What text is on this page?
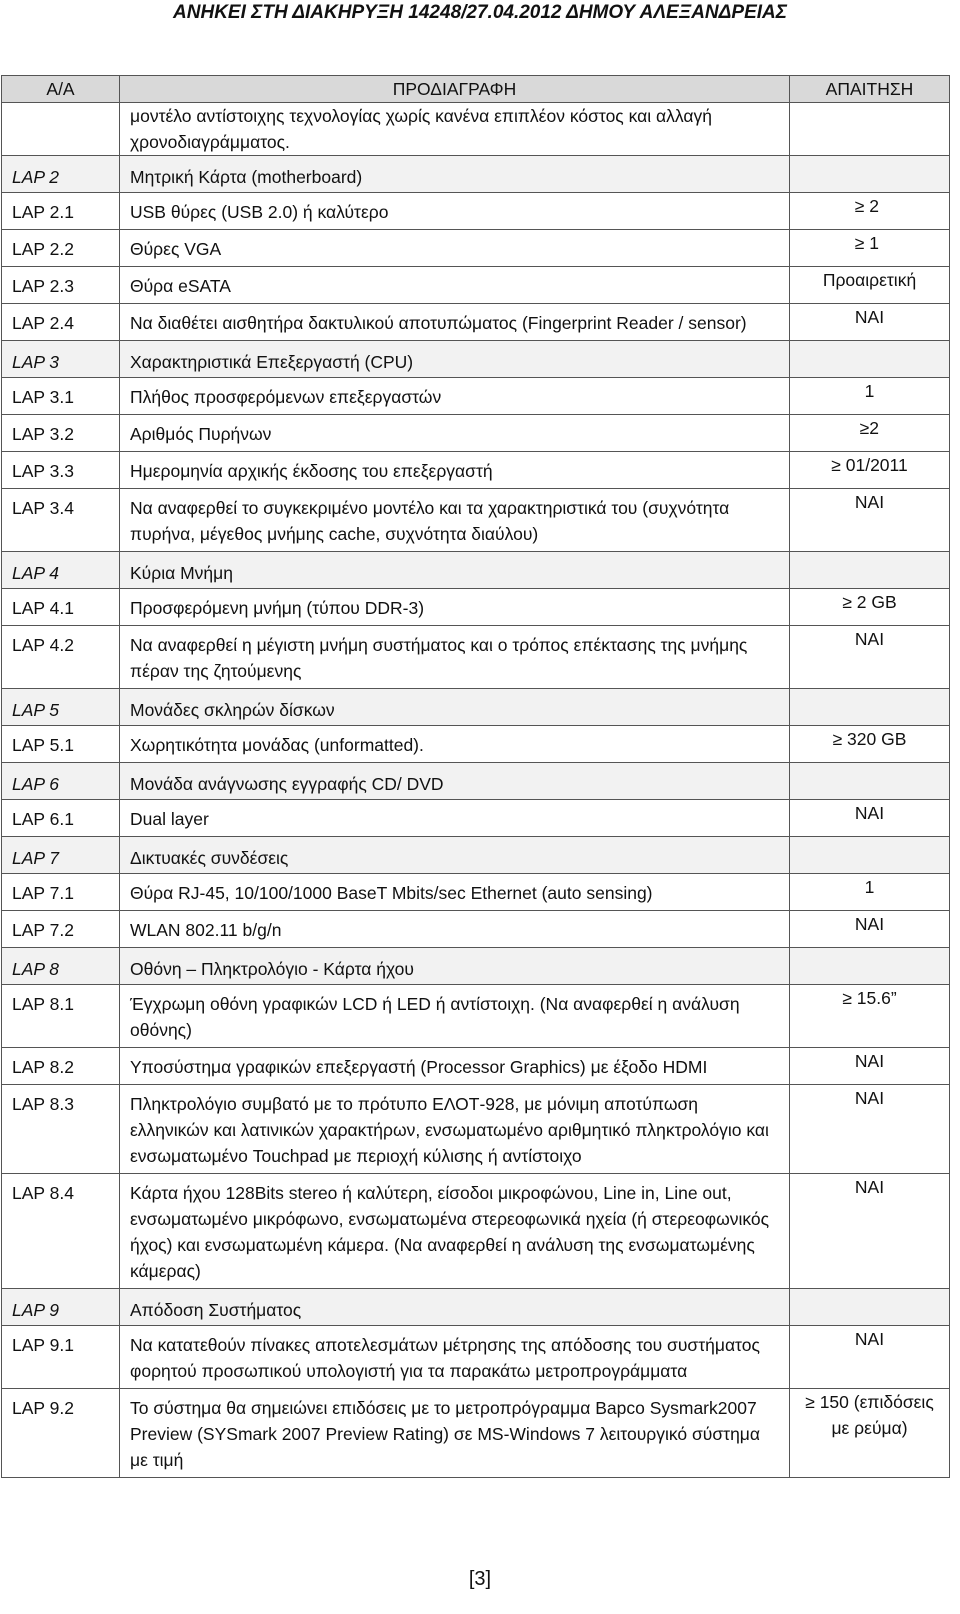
ΑΝΗΚΕΙ ΣΤΗ ΔΙΑΚΗΡΥΞΗ 14248/27.04.2012 ΔΗΜΟΥ ΑΛΕΞΑΝΔΡΕΙΑΣ
Α/Α	ΠΡΟΔΙΑΓΡΑΦΗ	ΑΠΑΙΤΗΣΗ
	μοντέλο αντίστοιχης τεχνολογίας χωρίς κανένα επιπλέον κόστος και αλλαγή χρονοδιαγράμματος.	
LAP 2	Μητρική Κάρτα (motherboard)	
LAP 2.1	USB θύρες (USB 2.0) ή καλύτερο	≥ 2
LAP 2.2	Θύρες VGA	≥ 1
LAP 2.3	Θύρα eSATA	Προαιρετική
LAP 2.4	Να διαθέτει αισθητήρα δακτυλικού αποτυπώματος (Fingerprint Reader / sensor)	ΝΑΙ
LAP 3	Χαρακτηριστικά Επεξεργαστή (CPU)	
LAP 3.1	Πλήθος προσφερόμενων επεξεργαστών	1
LAP 3.2	Αριθμός Πυρήνων	≥2
LAP 3.3	Ημερομηνία αρχικής έκδοσης του επεξεργαστή	≥ 01/2011
LAP 3.4	Να αναφερθεί το συγκεκριμένο μοντέλο και τα χαρακτηριστικά του (συχνότητα πυρήνα, μέγεθος μνήμης cache, συχνότητα διαύλου)	ΝΑΙ
LAP 4	Κύρια Μνήμη	
LAP 4.1	Προσφερόμενη μνήμη (τύπου DDR-3)	≥ 2 GB
LAP 4.2	Να αναφερθεί η μέγιστη μνήμη συστήματος και ο τρόπος επέκτασης της μνήμης πέραν της ζητούμενης	ΝΑΙ
LAP 5	Μονάδες σκληρών δίσκων	
LAP 5.1	Χωρητικότητα μονάδας (unformatted).	≥ 320 GB
LAP 6	Μονάδα ανάγνωσης εγγραφής CD/ DVD	
LAP 6.1	Dual layer	ΝΑΙ
LAP 7	Δικτυακές συνδέσεις	
LAP 7.1	Θύρα RJ-45, 10/100/1000 BaseT Mbits/sec Ethernet (auto sensing)	1
LAP 7.2	WLAN 802.11 b/g/n	ΝΑΙ
LAP 8	Οθόνη – Πληκτρολόγιο - Κάρτα ήχου	
LAP 8.1	Έγχρωμη οθόνη γραφικών LCD ή LED ή αντίστοιχη. (Να αναφερθεί η ανάλυση οθόνης)	≥ 15.6”
LAP 8.2	Υποσύστημα γραφικών επεξεργαστή (Processor Graphics) με έξοδο HDMI	ΝΑΙ
LAP 8.3	Πληκτρολόγιο συμβατό με το πρότυπο ΕΛΟΤ-928, με μόνιμη αποτύπωση ελληνικών και λατινικών χαρακτήρων, ενσωματωμένο αριθμητικό πληκτρολόγιο και ενσωματωμένο Touchpad με περιοχή κύλισης ή αντίστοιχο	ΝΑΙ
LAP 8.4	Κάρτα ήχου 128Bits stereo ή καλύτερη, είσοδοι μικροφώνου, Line in, Line out, ενσωματωμένο μικρόφωνο, ενσωματωμένα στερεοφωνικά ηχεία (ή στερεοφωνικός ήχος) και ενσωματωμένη κάμερα. (Να αναφερθεί η ανάλυση της ενσωματωμένης κάμερας)	ΝΑΙ
LAP 9	Απόδοση Συστήματος	
LAP 9.1	Να κατατεθούν πίνακες αποτελεσμάτων μέτρησης της απόδοσης του συστήματος φορητού προσωπικού υπολογιστή για τα παρακάτω μετροπρογράμματα	ΝΑΙ
LAP 9.2	Το σύστημα θα σημειώνει επιδόσεις με το μετροπρόγραμμα Bapco Sysmark2007 Preview (SYSmark 2007 Preview Rating) σε MS-Windows 7 λειτουργικό σύστημα με τιμή	≥ 150 (επιδόσεις με ρεύμα)
[3]
